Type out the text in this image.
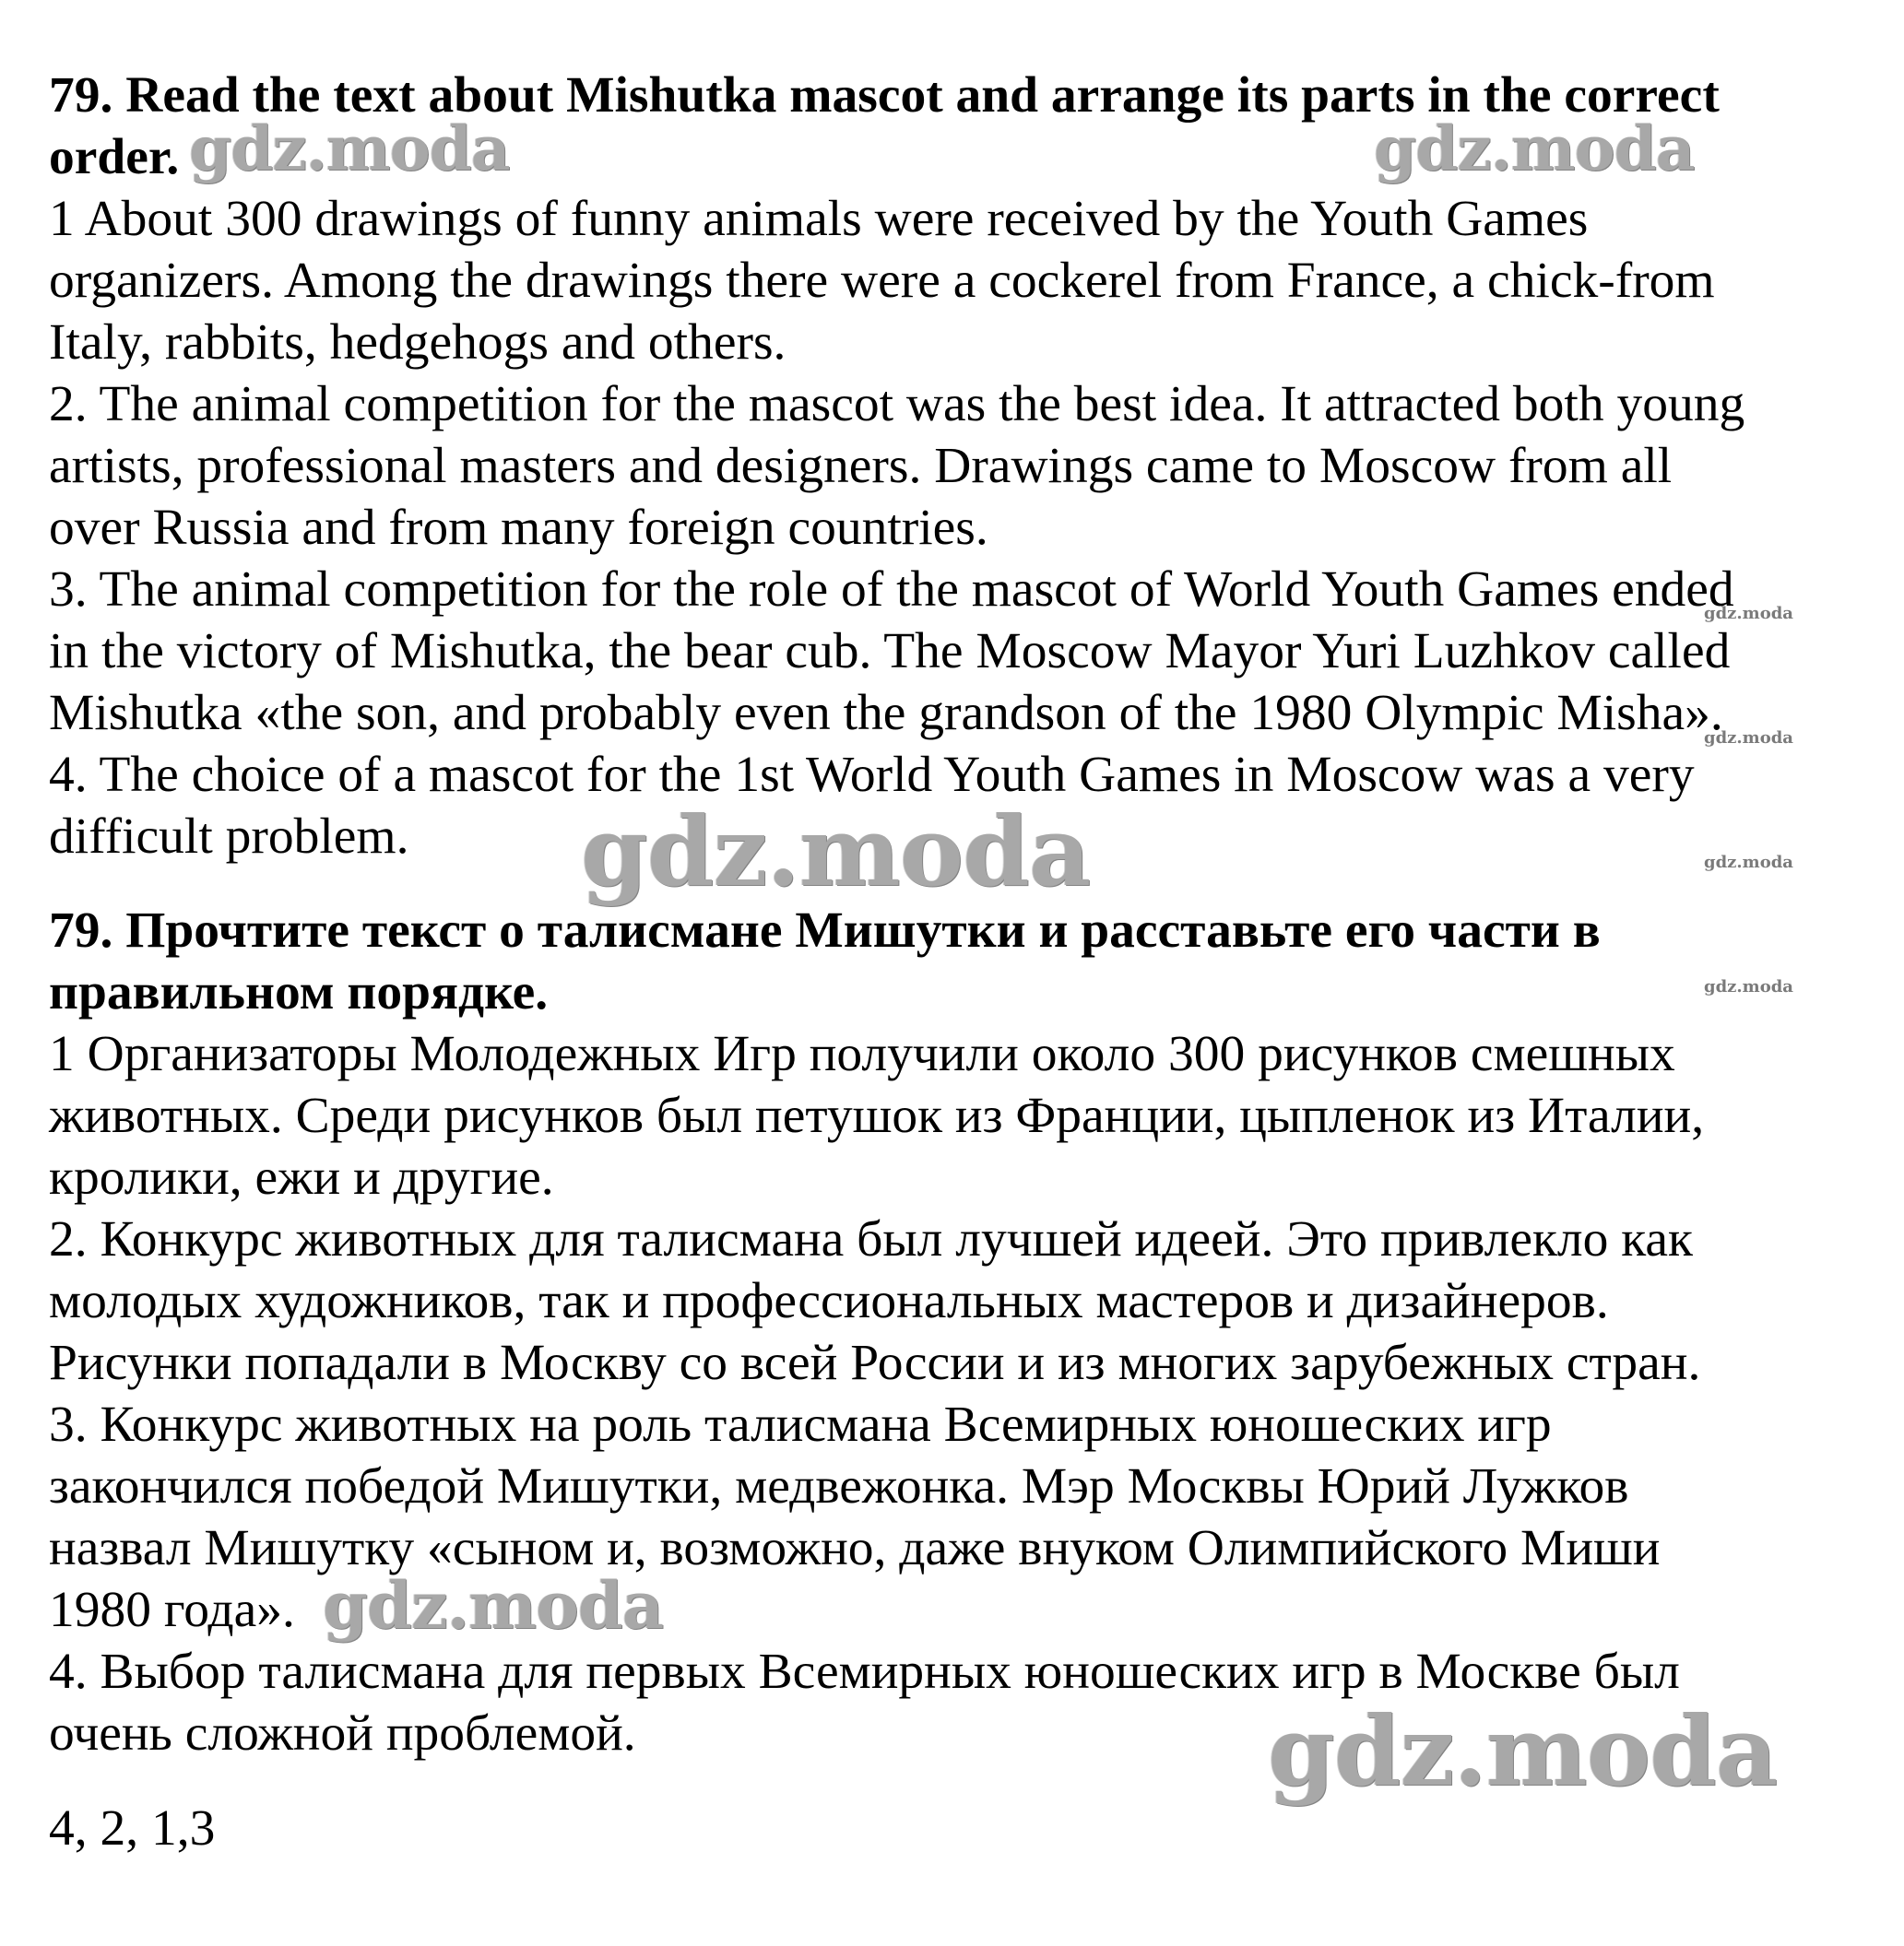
79. Read the text about Mishutka mascot and arrange its parts in the correct
order.
1 About 300 drawings of funny animals were received by the Youth Games
organizers. Among the drawings there were a cockerel from France, a chick-from
Italy, rabbits, hedgehogs and others.
2. The animal competition for the mascot was the best idea. It attracted both young
artists, professional masters and designers. Drawings came to Moscow from all
over Russia and from many foreign countries.
3. The animal competition for the role of the mascot of World Youth Games ended
in the victory of Mishutka, the bear cub. The Moscow Mayor Yuri Luzhkov called
Mishutka «the son, and probably even the grandson of the 1980 Olympic Misha».
4. The choice of a mascot for the 1st World Youth Games in Moscow was a very
difficult problem.
79. Прочтите текст о талисмане Мишутки и расставьте его части в
правильном порядке.
1 Организаторы Молодежных Игр получили около 300 рисунков смешных
животных. Среди рисунков был петушок из Франции, цыпленок из Италии,
кролики, ежи и другие.
2. Конкурс животных для талисмана был лучшей идеей. Это привлекло как
молодых художников, так и профессиональных мастеров и дизайнеров.
Рисунки попадали в Москву со всей России и из многих зарубежных стран.
3. Конкурс животных на роль талисмана Всемирных юношеских игр
закончился победой Мишутки, медвежонка. Мэр Москвы Юрий Лужков
назвал Мишутку «сыном и, возможно, даже внуком Олимпийского Миши
1980 года».
4. Выбор талисмана для первых Всемирных юношеских игр в Москве был
очень сложной проблемой.
4, 2, 1,3
gdz.moda	gdz.moda
gdz.moda
gdz.moda
gdz.moda
gdz.moda
gdz.moda
gdz.moda
gdz.moda
